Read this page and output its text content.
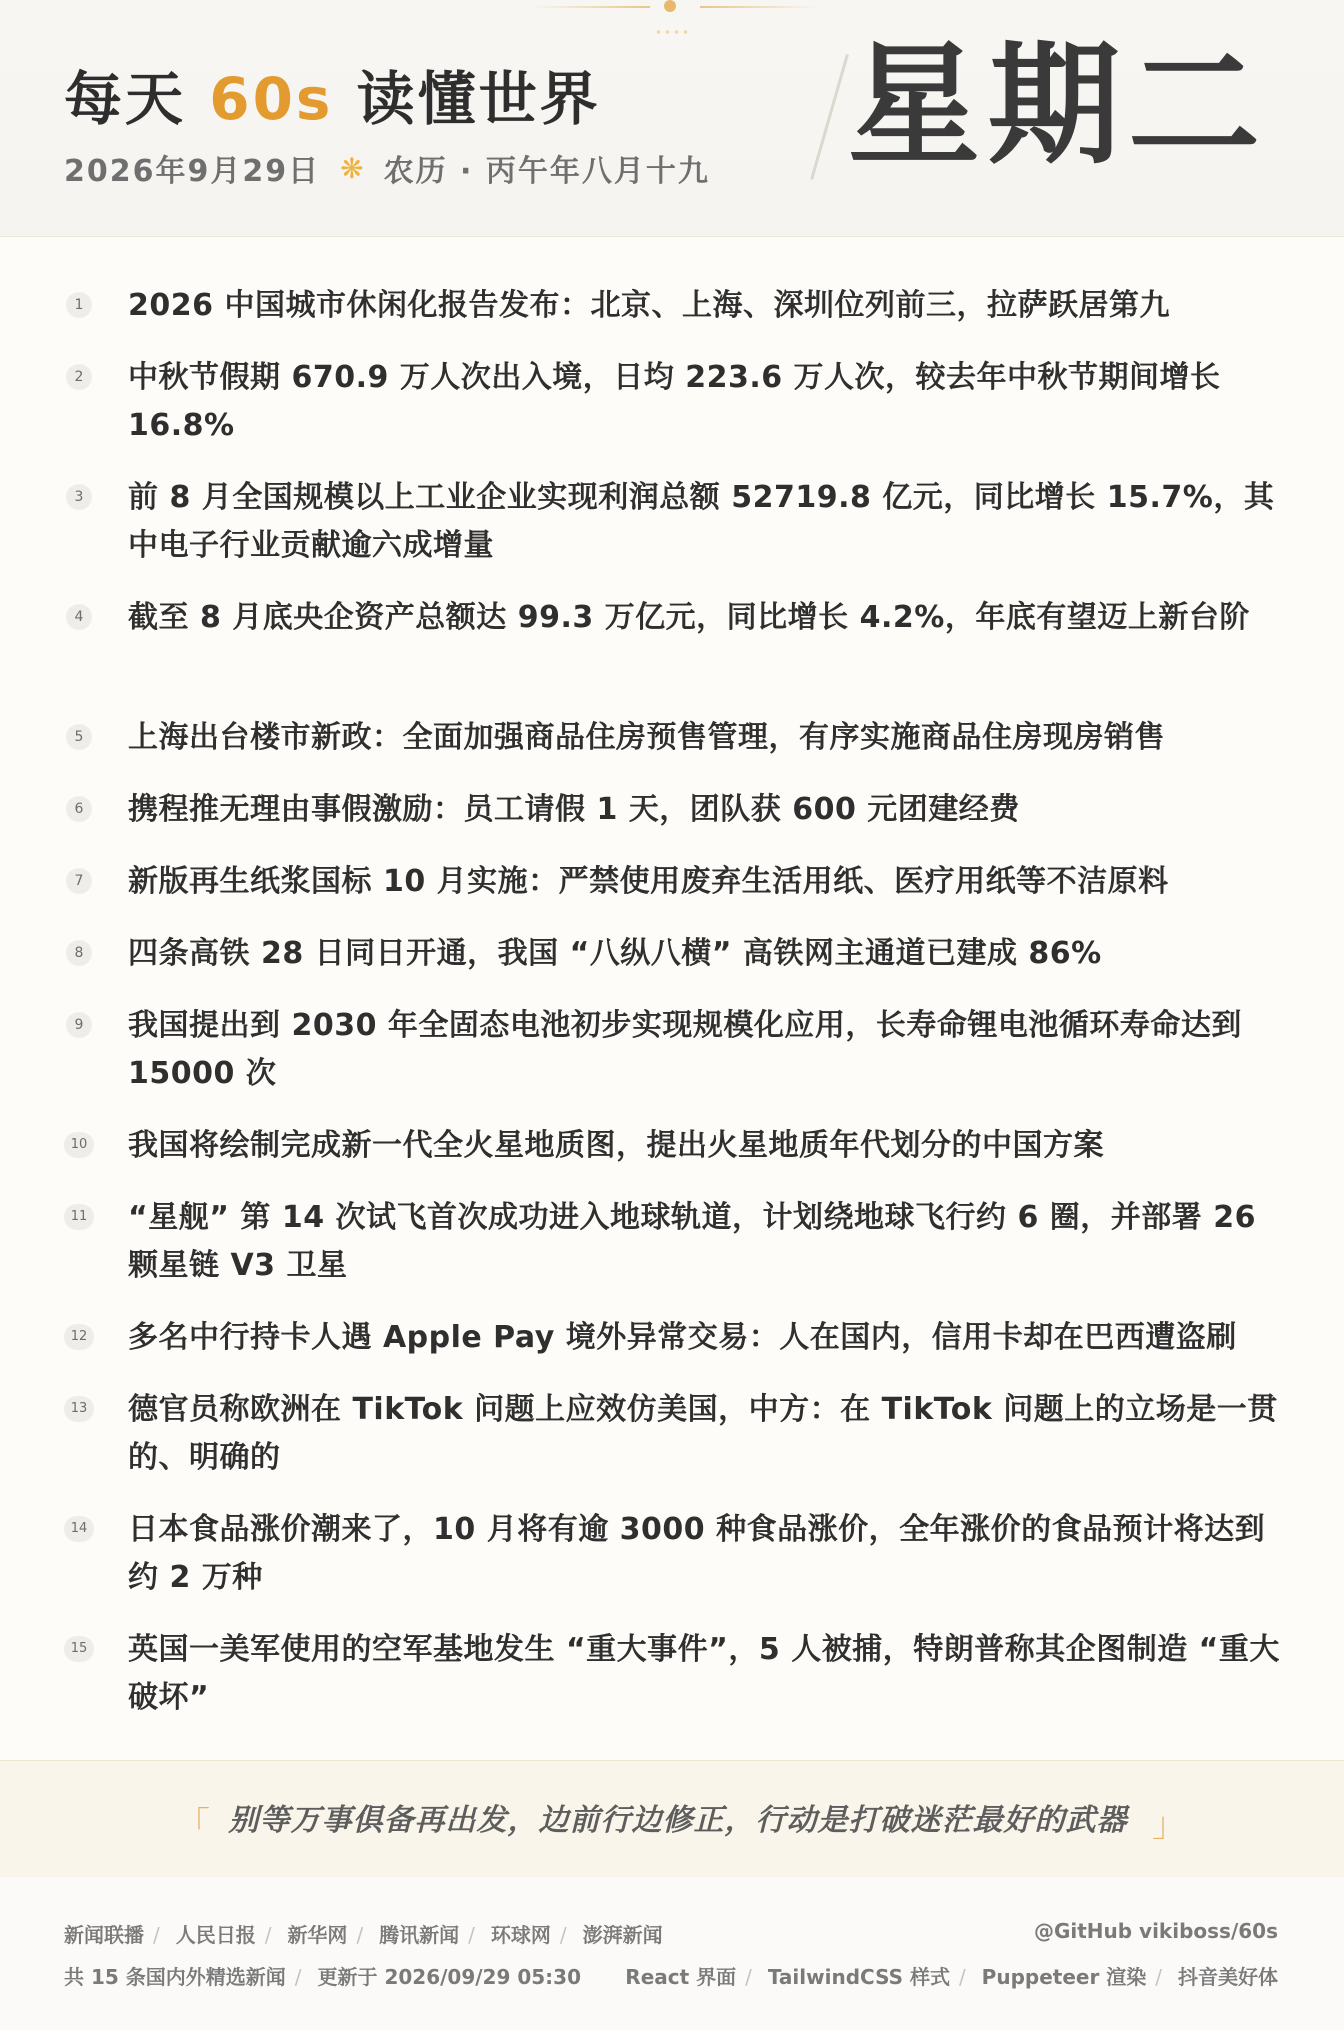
每天 60s 读懂世界
2026年9月29日 ❋ 农历 · 丙午年八月十九 星期二
1 2026 中国城市休闲化报告发布：北京、上海、深圳位列前三，拉萨跃居第九
2 中秋节假期 670.9 万人次出入境，日均 223.6 万人次，较去年中秋节期间增长 16.8%
3 前 8 月全国规模以上工业企业实现利润总额 52719.8 亿元，同比增长 15.7%，其中电子行业贡献逾六成增量
4 截至 8 月底央企资产总额达 99.3 万亿元，同比增长 4.2%，年底有望迈上新台阶
5 上海出台楼市新政：全面加强商品住房预售管理，有序实施商品住房现房销售
6 携程推无理由事假激励：员工请假 1 天，团队获 600 元团建经费
7 新版再生纸浆国标 10 月实施：严禁使用废弃生活用纸、医疗用纸等不洁原料
8 四条高铁 28 日同日开通，我国 “八纵八横” 高铁网主通道已建成 86%
9 我国提出到 2030 年全固态电池初步实现规模化应用，长寿命锂电池循环寿命达到 15000 次
10 我国将绘制完成新一代全火星地质图，提出火星地质年代划分的中国方案
11 “星舰” 第 14 次试飞首次成功进入地球轨道，计划绕地球飞行约 6 圈，并部署 26 颗星链 V3 卫星
12 多名中行持卡人遇 Apple Pay 境外异常交易：人在国内，信用卡却在巴西遭盗刷
13 德官员称欧洲在 TikTok 问题上应效仿美国，中方：在 TikTok 问题上的立场是一贯的、明确的
14 日本食品涨价潮来了，10 月将有逾 3000 种食品涨价，全年涨价的食品预计将达到约 2 万种
15 英国一美军使用的空军基地发生 “重大事件”，5 人被捕，特朗普称其企图制造 “重大破坏”
「 别等万事俱备再出发，边前行边修正，行动是打破迷茫最好的武器 」
新闻联播 / 人民日报 / 新华网 / 腾讯新闻 / 环球网 / 澎湃新闻
共 15 条国内外精选新闻 / 更新于 2026/09/29 05:30
@GitHub vikiboss/60s
React 界面 / TailwindCSS 样式 / Puppeteer 渲染 / 抖音美好体
